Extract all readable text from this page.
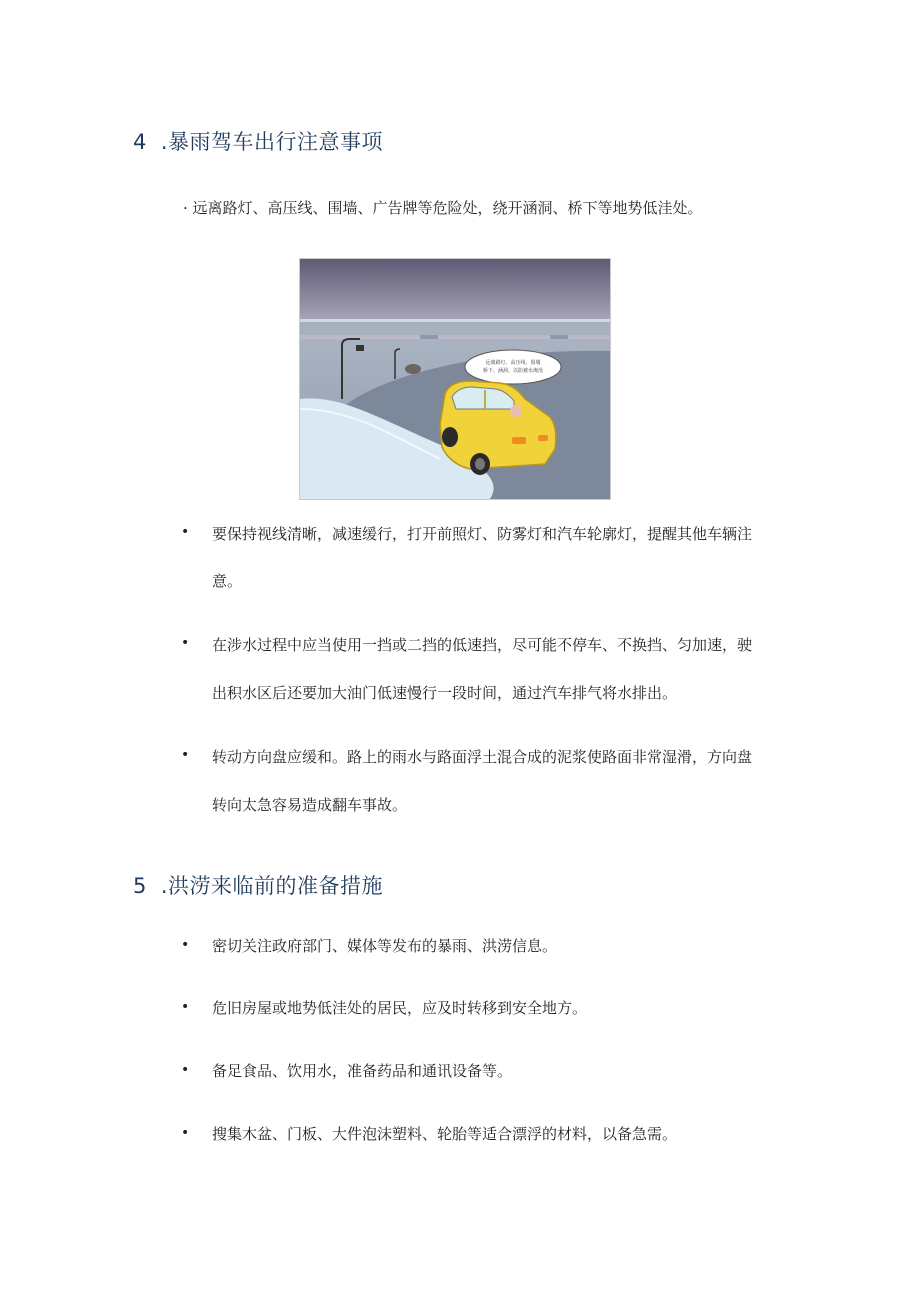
4 .暴雨驾车出行注意事项
· 远离路灯、高压线、围墙、广告牌等危险处，绕开涵洞、桥下等地势低洼处。
远离路灯、高压线、围墙
桥下、涵洞、以防被水淹没
• 要保持视线清晰，减速缓行，打开前照灯、防雾灯和汽车轮廓灯，提醒其他车辆注
意。
• 在涉水过程中应当使用一挡或二挡的低速挡，尽可能不停车、不换挡、匀加速，驶
出积水区后还要加大油门低速慢行一段时间，通过汽车排气将水排出。
• 转动方向盘应缓和。路上的雨水与路面浮土混合成的泥浆使路面非常湿滑，方向盘
转向太急容易造成翻车事故。
5 .洪涝来临前的准备措施
• 密切关注政府部门、媒体等发布的暴雨、洪涝信息。
• 危旧房屋或地势低洼处的居民，应及时转移到安全地方。
• 备足食品、饮用水，准备药品和通讯设备等。
• 搜集木盆、门板、大件泡沫塑料、轮胎等适合漂浮的材料，以备急需。
